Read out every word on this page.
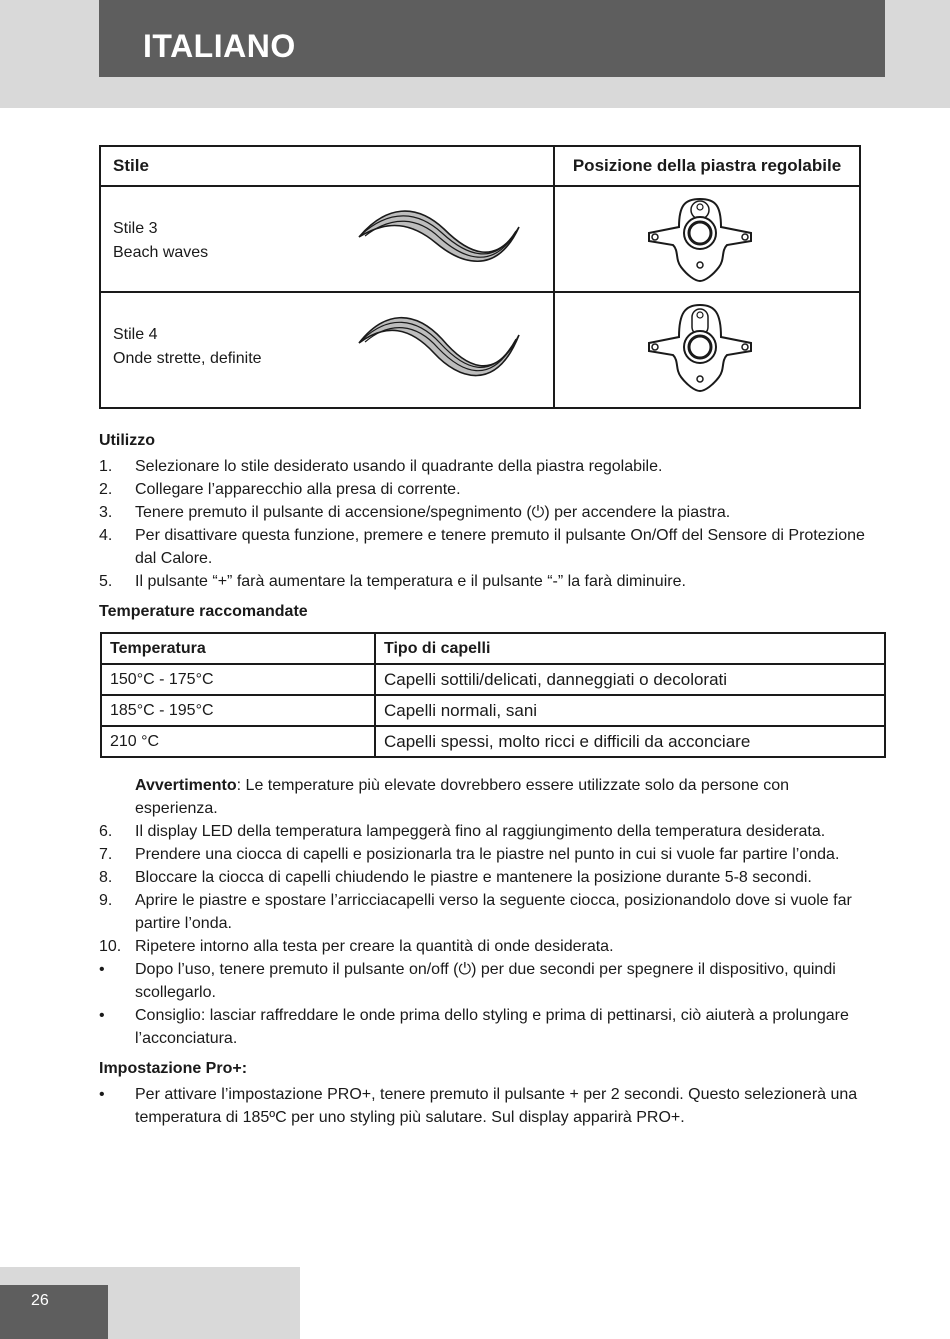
ITALIANO
Stile	Posizione della piastra regolabile

Stile 3
Beach waves

Stile 4
Onde strette, definite

Utilizzo
1. Selezionare lo stile desiderato usando il quadrante della piastra regolabile.
2. Collegare l’apparecchio alla presa di corrente.
3. Tenere premuto il pulsante di accensione/spegnimento (⏻) per accendere la piastra.
4. Per disattivare questa funzione, premere e tenere premuto il pulsante On/Off del Sensore di Protezione dal Calore.
5. Il pulsante “+” farà aumentare la temperatura e il pulsante “-” la farà diminuire.
Temperature raccomandate
Temperatura	Tipo di capelli
150°C - 175°C	Capelli sottili/delicati, danneggiati o decolorati
185°C - 195°C	Capelli normali, sani
210 °C	Capelli spessi, molto ricci e difficili da acconciare
Avvertimento: Le temperature più elevate dovrebbero essere utilizzate solo da persone con esperienza.
6. Il display LED della temperatura lampeggerà fino al raggiungimento della temperatura desiderata.
7. Prendere una ciocca di capelli e posizionarla tra le piastre nel punto in cui si vuole far partire l’onda.
8. Bloccare la ciocca di capelli chiudendo le piastre e mantenere la posizione durante 5-8 secondi.
9. Aprire le piastre e spostare l’arricciacapelli verso la seguente ciocca, posizionandolo dove si vuole far partire l’onda.
10. Ripetere intorno alla testa per creare la quantità di onde desiderata.
• Dopo l’uso, tenere premuto il pulsante on/off (⏻) per due secondi per spegnere il dispositivo, quindi scollegarlo.
• Consiglio: lasciar raffreddare le onde prima dello styling e prima di pettinarsi, ciò aiuterà a prolungare l’acconciatura.
Impostazione Pro+:
• Per attivare l’impostazione PRO+, tenere premuto il pulsante + per 2 secondi. Questo selezionerà una temperatura di 185ºC per uno styling più salutare. Sul display apparirà PRO+.
26
